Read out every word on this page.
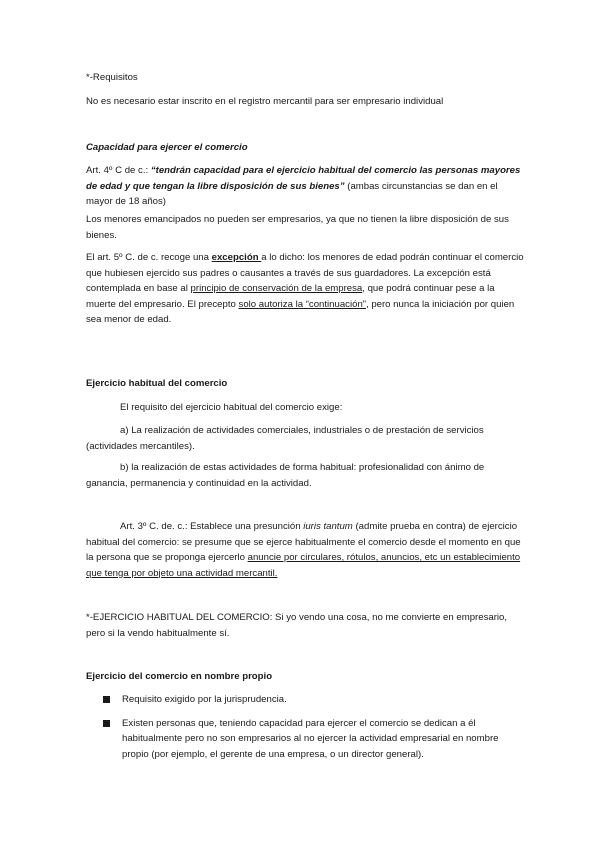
*-Requisitos

No es necesario estar inscrito en el registro mercantil para ser empresario individual

Capacidad para ejercer el comercio

Art. 4º C de c.: “tendrán capacidad para el ejercicio habitual del comercio las personas mayores de edad y que tengan la libre disposición de sus bienes” (ambas circunstancias se dan en el mayor de 18 años)

Los menores emancipados no pueden ser empresarios, ya que no tienen la libre disposición de sus bienes.

El art. 5º C. de c. recoge una excepción a lo dicho: los menores de edad podrán continuar el comercio que hubiesen ejercido sus padres o causantes a través de sus guardadores. La excepción está contemplada en base al principio de conservación de la empresa, que podrá continuar pese a la muerte del empresario. El precepto solo autoriza la “continuación”, pero nunca la iniciación por quien sea menor de edad.

Ejercicio habitual del comercio

El requisito del ejercicio habitual del comercio exige:

a) La realización de actividades comerciales, industriales o de prestación de servicios (actividades mercantiles).

b) la realización de estas actividades de forma habitual: profesionalidad con ánimo de ganancia, permanencia y continuidad en la actividad.

Art. 3º C. de. c.: Establece una presunción iuris tantum (admite prueba en contra) de ejercicio habitual del comercio: se presume que se ejerce habitualmente el comercio desde el momento en que la persona que se proponga ejercerlo anuncie por circulares, rótulos, anuncios, etc un establecimiento que tenga por objeto una actividad mercantil.

*-EJERCICIO HABITUAL DEL COMERCIO: Si yo vendo una cosa, no me convierte en empresario, pero si la vendo habitualmente sí.

Ejercicio del comercio en nombre propio

Requisito exigido por la jurisprudencia.
Existen personas que, teniendo capacidad para ejercer el comercio se dedican a él habitualmente pero no son empresarios al no ejercer la actividad empresarial en nombre propio (por ejemplo, el gerente de una empresa, o un director general).
